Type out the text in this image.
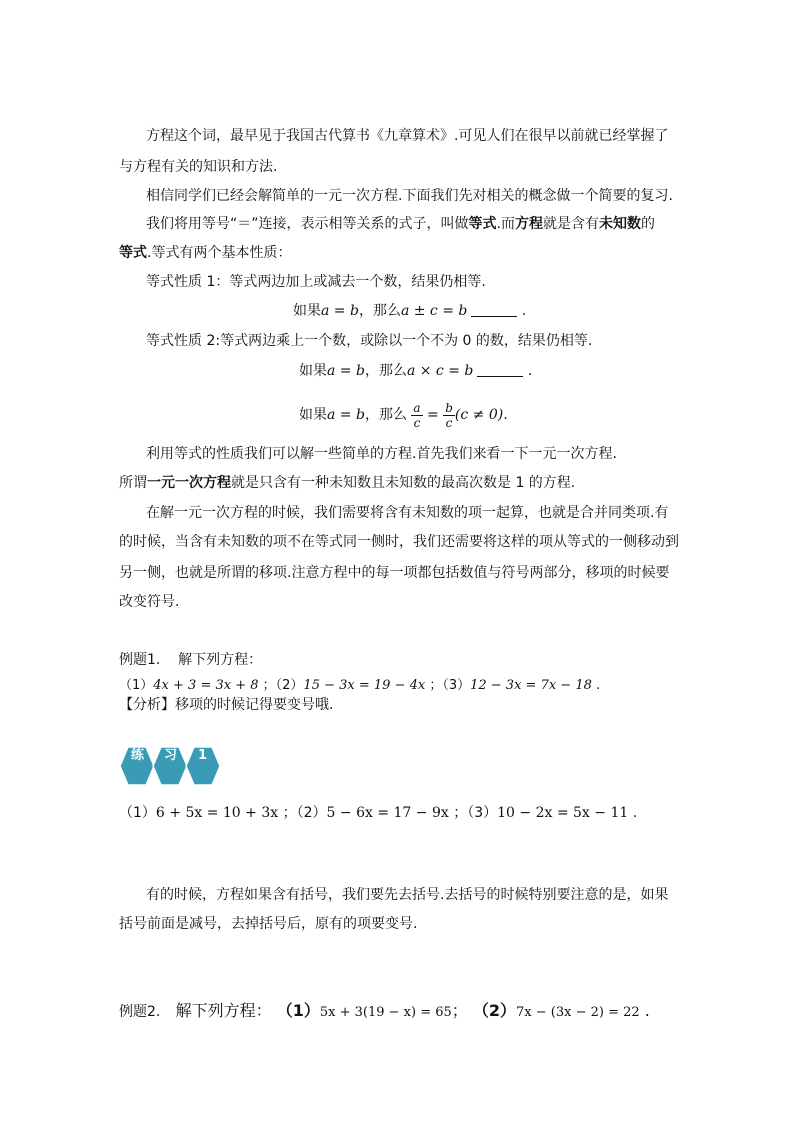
方程这个词，最早见于我国古代算书《九章算术》.可见人们在很早以前就已经掌握了
与方程有关的知识和方法.
相信同学们已经会解简单的一元一次方程.下面我们先对相关的概念做一个简要的复习.
我们将用等号“＝”连接，表示相等关系的式子，叫做等式.而方程就是含有未知数的
等式.等式有两个基本性质：
等式性质 1：等式两边加上或减去一个数，结果仍相等.
如果a = b，那么a ± c = b	.
等式性质 2:等式两边乘上一个数，或除以一个不为 0 的数，结果仍相等.
如果a = b，那么a × c = b	.
如果a = b，那么 $\frac{a}{c} = \frac{b}{c} (c \ne 0)$.
利用等式的性质我们可以解一些简单的方程.首先我们来看一下一元一次方程.
所谓一元一次方程就是只含有一种未知数且未知数的最高次数是 1 的方程.
在解一元一次方程的时候，我们需要将含有未知数的项一起算，也就是合并同类项.有
的时候，当含有未知数的项不在等式同一侧时，我们还需要将这样的项从等式的一侧移动到
另一侧，也就是所谓的移项.注意方程中的每一项都包括数值与符号两部分，移项的时候要
改变符号.
例题1. 解下列方程：
（1）4x + 3 = 3x + 8 ；（2）15 − 3x = 19 − 4x ；（3）12 − 3x = 7x − 18 .
【分析】移项的时候记得要变号哦.
练 习 1
（1）6 + 5x = 10 + 3x ；（2）5 − 6x = 17 − 9x ；（3）10 − 2x = 5x − 11 .
有的时候，方程如果含有括号，我们要先去括号.去括号的时候特别要注意的是，如果
括号前面是减号，去掉括号后，原有的项要变号.
例题2. 解下列方程： （1）5x + 3(19 − x) = 65； （2）7x − (3x − 2) = 22 .
